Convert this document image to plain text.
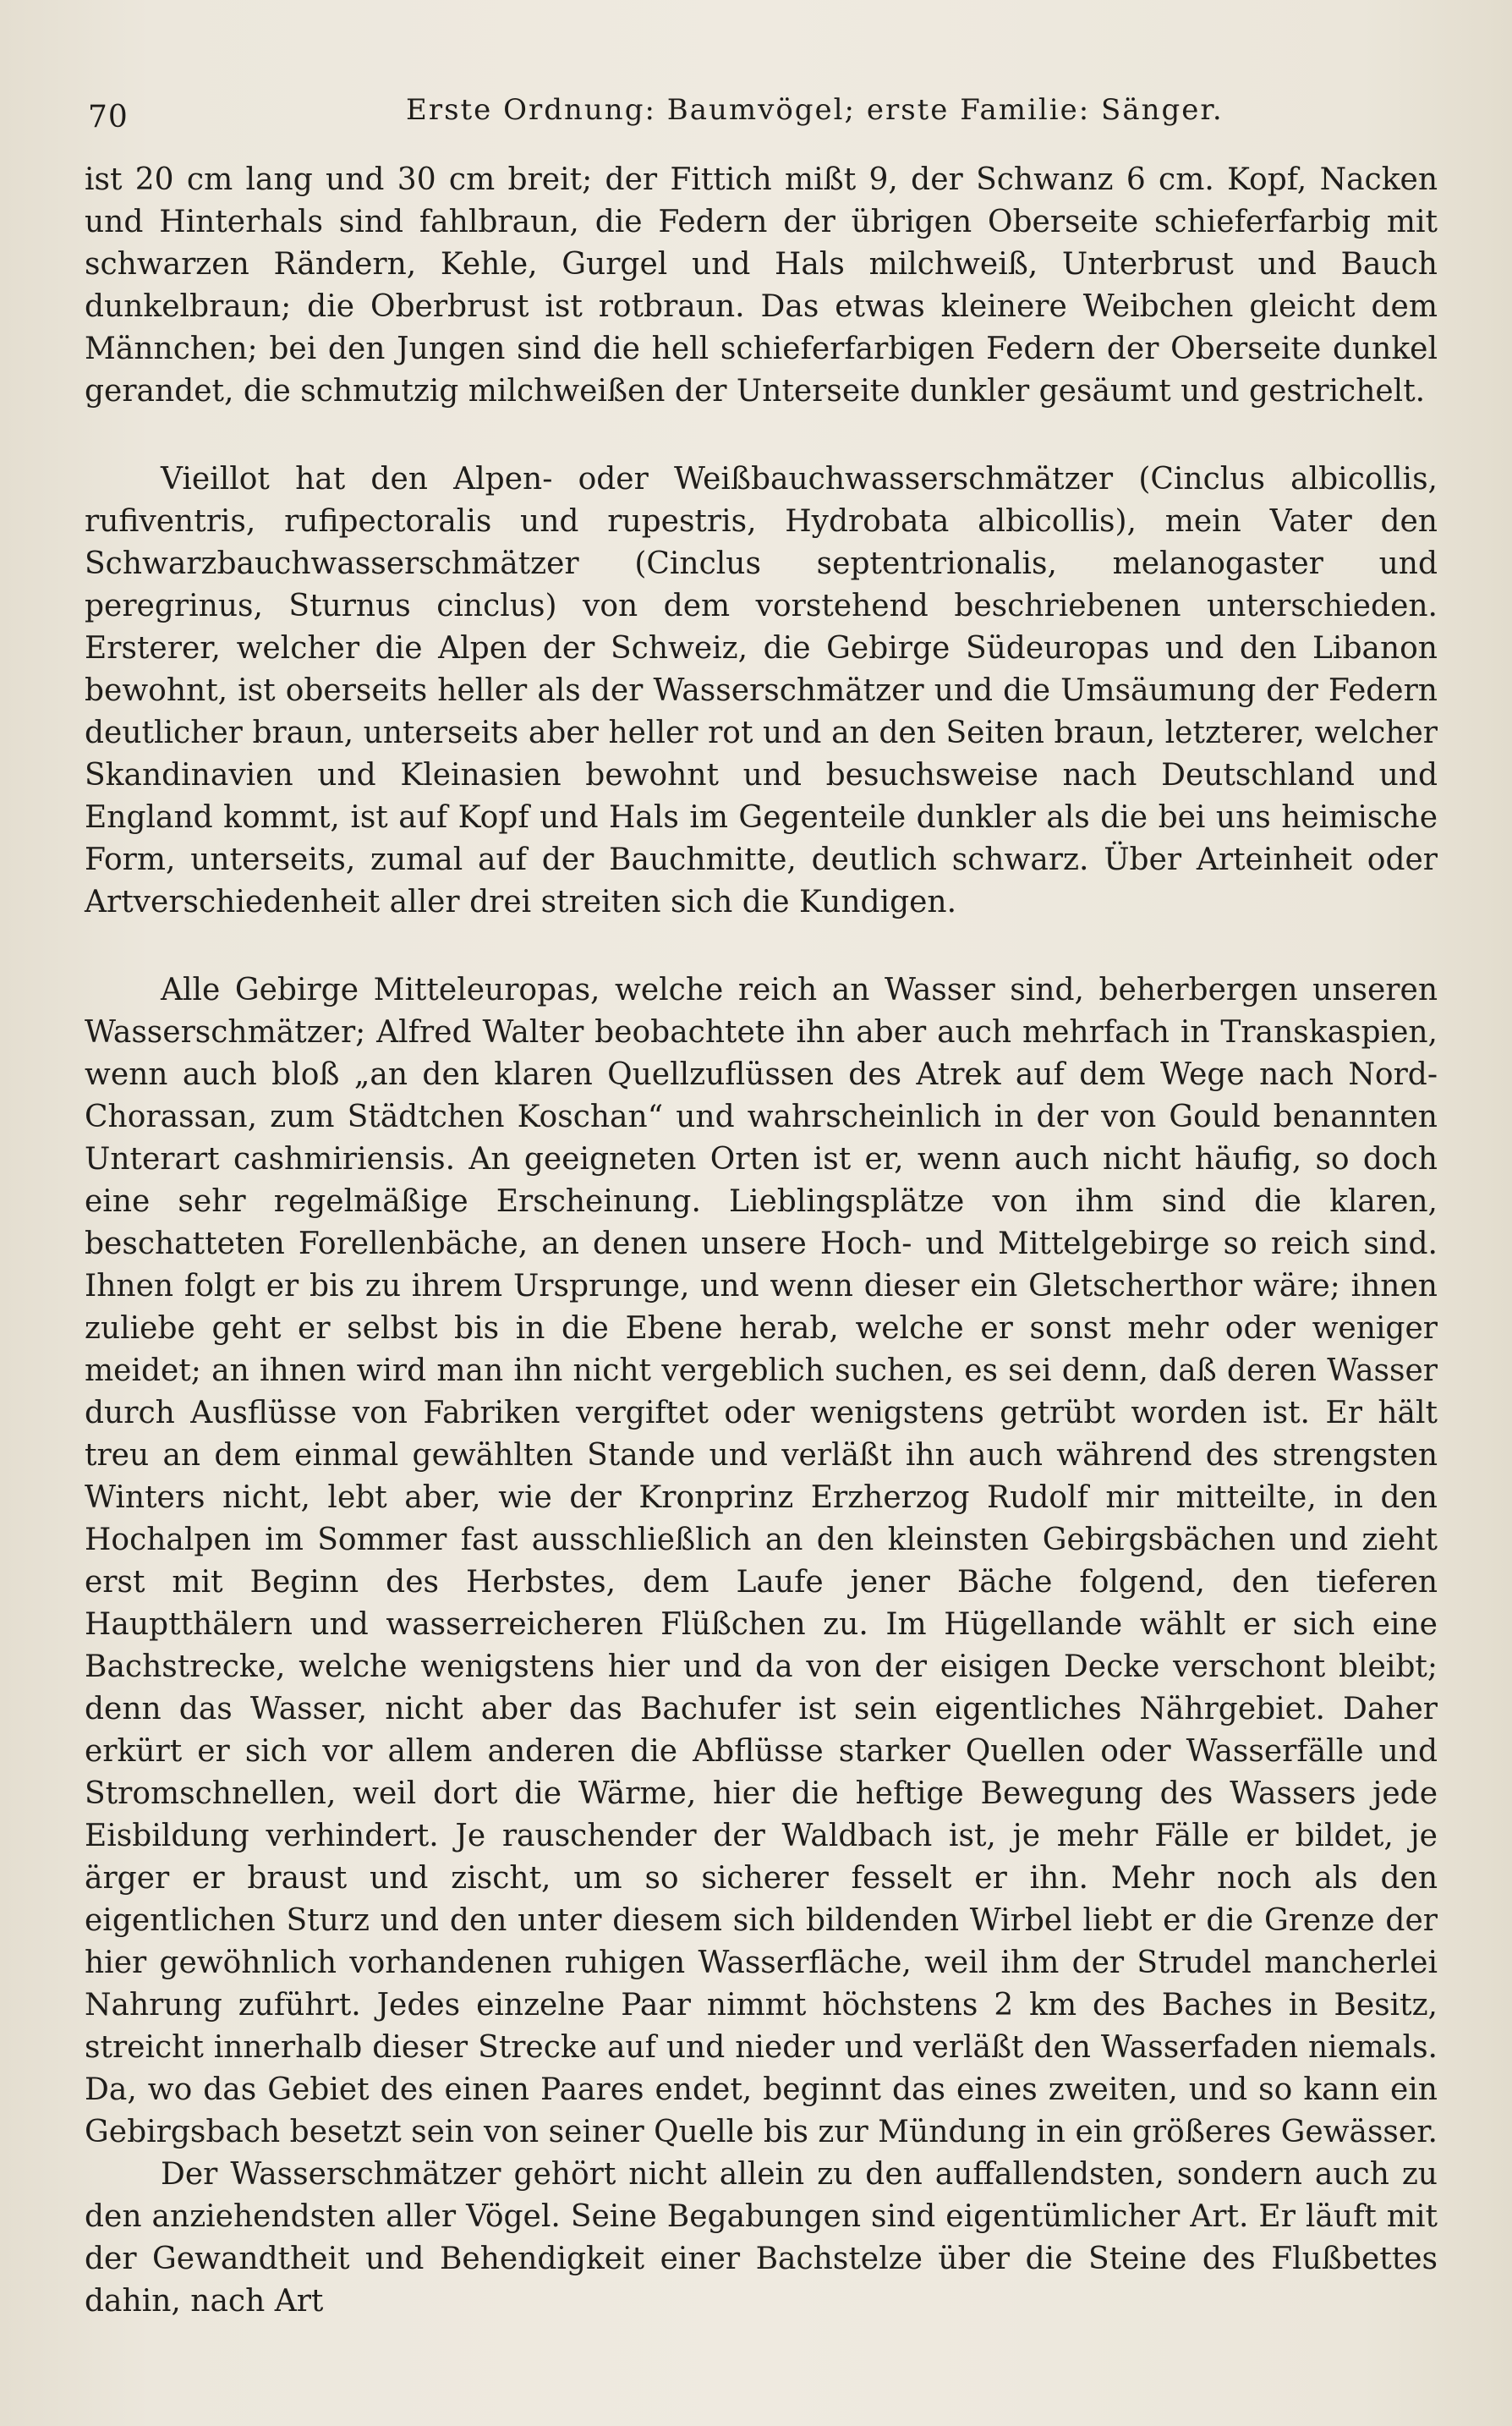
70	Erste Ordnung: Baumvögel; erste Familie: Sänger.

ist 20 cm lang und 30 cm breit; der Fittich mißt 9, der Schwanz 6 cm. Kopf, Nacken und Hinterhals sind fahlbraun, die Federn der übrigen Oberseite schieferfarbig mit schwarzen Rändern, Kehle, Gurgel und Hals milchweiß, Unterbrust und Bauch dunkelbraun; die Oberbrust ist rotbraun. Das etwas kleinere Weibchen gleicht dem Männchen; bei den Jungen sind die hell schieferfarbigen Federn der Oberseite dunkel gerandet, die schmutzig milchweißen der Unterseite dunkler gesäumt und gestrichelt.

Vieillot hat den Alpen- oder Weißbauchwasserschmätzer (Cinclus albicollis, rufiventris, rufipectoralis und rupestris, Hydrobata albicollis), mein Vater den Schwarzbauchwasserschmätzer (Cinclus septentrionalis, melanogaster und peregrinus, Sturnus cinclus) von dem vorstehend beschriebenen unterschieden. Ersterer, welcher die Alpen der Schweiz, die Gebirge Südeuropas und den Libanon bewohnt, ist oberseits heller als der Wasserschmätzer und die Umsäumung der Federn deutlicher braun, unterseits aber heller rot und an den Seiten braun, letzterer, welcher Skandinavien und Kleinasien bewohnt und besuchsweise nach Deutschland und England kommt, ist auf Kopf und Hals im Gegenteile dunkler als die bei uns heimische Form, unterseits, zumal auf der Bauchmitte, deutlich schwarz. Über Arteinheit oder Artverschiedenheit aller drei streiten sich die Kundigen.

Alle Gebirge Mitteleuropas, welche reich an Wasser sind, beherbergen unseren Wasserschmätzer; Alfred Walter beobachtete ihn aber auch mehrfach in Transkaspien, wenn auch bloß „an den klaren Quellzuflüssen des Atrek auf dem Wege nach Nord-Chorassan, zum Städtchen Koschan“ und wahrscheinlich in der von Gould benannten Unterart cashmiriensis. An geeigneten Orten ist er, wenn auch nicht häufig, so doch eine sehr regelmäßige Erscheinung. Lieblingsplätze von ihm sind die klaren, beschatteten Forellenbäche, an denen unsere Hoch- und Mittelgebirge so reich sind. Ihnen folgt er bis zu ihrem Ursprunge, und wenn dieser ein Gletscherthor wäre; ihnen zuliebe geht er selbst bis in die Ebene herab, welche er sonst mehr oder weniger meidet; an ihnen wird man ihn nicht vergeblich suchen, es sei denn, daß deren Wasser durch Ausflüsse von Fabriken vergiftet oder wenigstens getrübt worden ist. Er hält treu an dem einmal gewählten Stande und verläßt ihn auch während des strengsten Winters nicht, lebt aber, wie der Kronprinz Erzherzog Rudolf mir mitteilte, in den Hochalpen im Sommer fast ausschließlich an den kleinsten Gebirgsbächen und zieht erst mit Beginn des Herbstes, dem Laufe jener Bäche folgend, den tieferen Hauptthälern und wasserreicheren Flüßchen zu. Im Hügellande wählt er sich eine Bachstrecke, welche wenigstens hier und da von der eisigen Decke verschont bleibt; denn das Wasser, nicht aber das Bachufer ist sein eigentliches Nährgebiet. Daher erkürt er sich vor allem anderen die Abflüsse starker Quellen oder Wasserfälle und Stromschnellen, weil dort die Wärme, hier die heftige Bewegung des Wassers jede Eisbildung verhindert. Je rauschender der Waldbach ist, je mehr Fälle er bildet, je ärger er braust und zischt, um so sicherer fesselt er ihn. Mehr noch als den eigentlichen Sturz und den unter diesem sich bildenden Wirbel liebt er die Grenze der hier gewöhnlich vorhandenen ruhigen Wasserfläche, weil ihm der Strudel mancherlei Nahrung zuführt. Jedes einzelne Paar nimmt höchstens 2 km des Baches in Besitz, streicht innerhalb dieser Strecke auf und nieder und verläßt den Wasserfaden niemals. Da, wo das Gebiet des einen Paares endet, beginnt das eines zweiten, und so kann ein Gebirgsbach besetzt sein von seiner Quelle bis zur Mündung in ein größeres Gewässer.

Der Wasserschmätzer gehört nicht allein zu den auffallendsten, sondern auch zu den anziehendsten aller Vögel. Seine Begabungen sind eigentümlicher Art. Er läuft mit der Gewandtheit und Behendigkeit einer Bachstelze über die Steine des Flußbettes dahin, nach Art
